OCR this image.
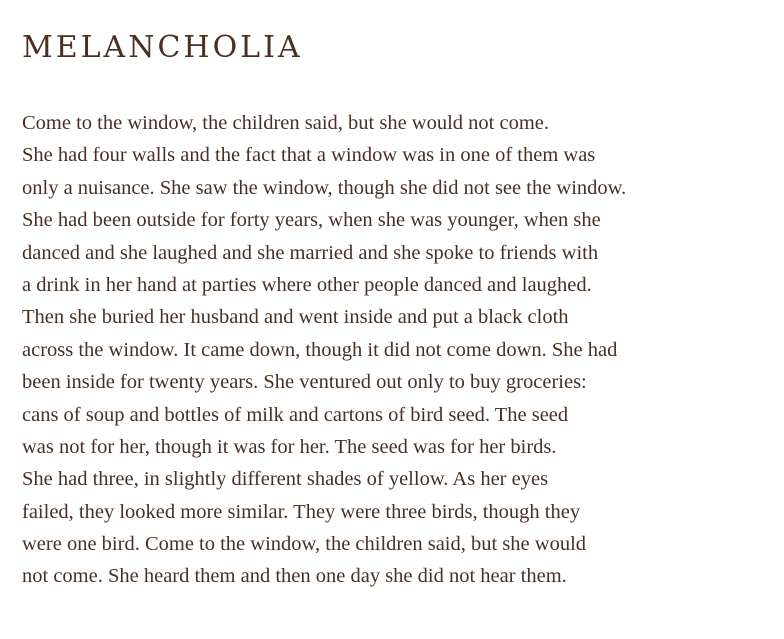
MELANCHOLIA
Come to the window, the children said, but she would not come.
She had four walls and the fact that a window was in one of them was
only a nuisance. She saw the window, though she did not see the window.
She had been outside for forty years, when she was younger, when she
danced and she laughed and she married and she spoke to friends with
a drink in her hand at parties where other people danced and laughed.
Then she buried her husband and went inside and put a black cloth
across the window. It came down, though it did not come down. She had
been inside for twenty years. She ventured out only to buy groceries:
cans of soup and bottles of milk and cartons of bird seed. The seed
was not for her, though it was for her. The seed was for her birds.
She had three, in slightly different shades of yellow. As her eyes
failed, they looked more similar. They were three birds, though they
were one bird. Come to the window, the children said, but she would
not come. She heard them and then one day she did not hear them.
